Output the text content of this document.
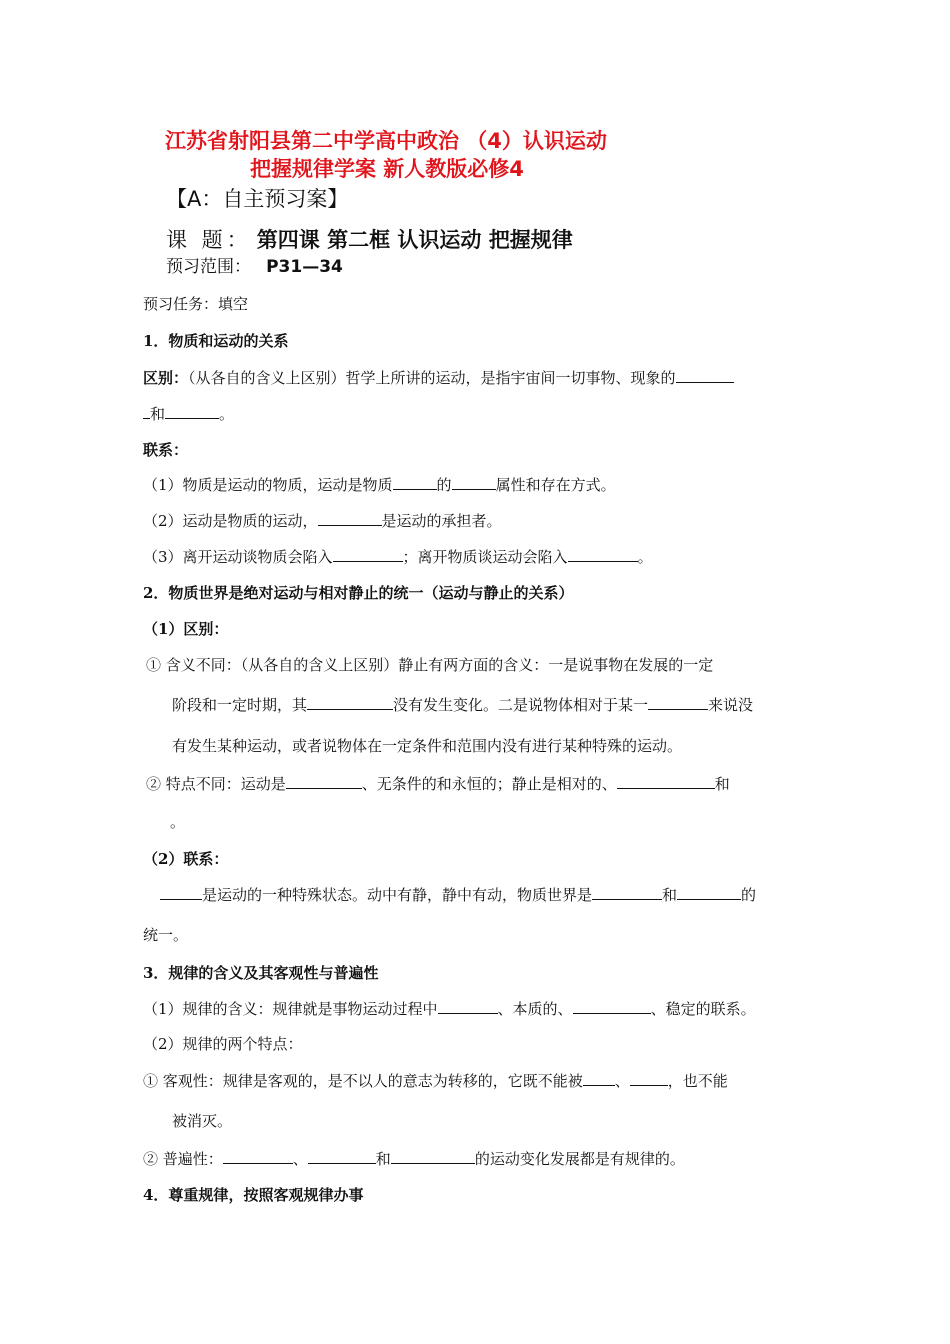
江苏省射阳县第二中学高中政治 （4）认识运动
把握规律学案 新人教版必修4
【A：自主预习案】
课 题： 第四课 第二框 认识运动 把握规律
预习范围： P31—34
预习任务：填空
1．物质和运动的关系
区别：（从各自的含义上区别）哲学上所讲的运动，是指宇宙间一切事物、现象的
和	。
联系：
（1）物质是运动的物质，运动是物质	的	属性和存在方式。
（2）运动是物质的运动，	是运动的承担者。
（3）离开运动谈物质会陷入	；离开物质谈运动会陷入	。
2．物质世界是绝对运动与相对静止的统一（运动与静止的关系）
（1）区别：
① 含义不同：（从各自的含义上区别）静止有两方面的含义：一是说事物在发展的一定
阶段和一定时期，其	没有发生变化。二是说物体相对于某一	来说没
有发生某种运动，或者说物体在一定条件和范围内没有进行某种特殊的运动。
② 特点不同：运动是	、无条件的和永恒的；静止是相对的、	和
。
（2）联系：
是运动的一种特殊状态。动中有静，静中有动，物质世界是	和	的
统一。
3．规律的含义及其客观性与普遍性
（1）规律的含义：规律就是事物运动过程中	、本质的、	、稳定的联系。
（2）规律的两个特点：
① 客观性：规律是客观的，是不以人的意志为转移的，它既不能被 、	，也不能
被消灭。
② 普遍性：	、	和	的运动变化发展都是有规律的。
4．尊重规律，按照客观规律办事
